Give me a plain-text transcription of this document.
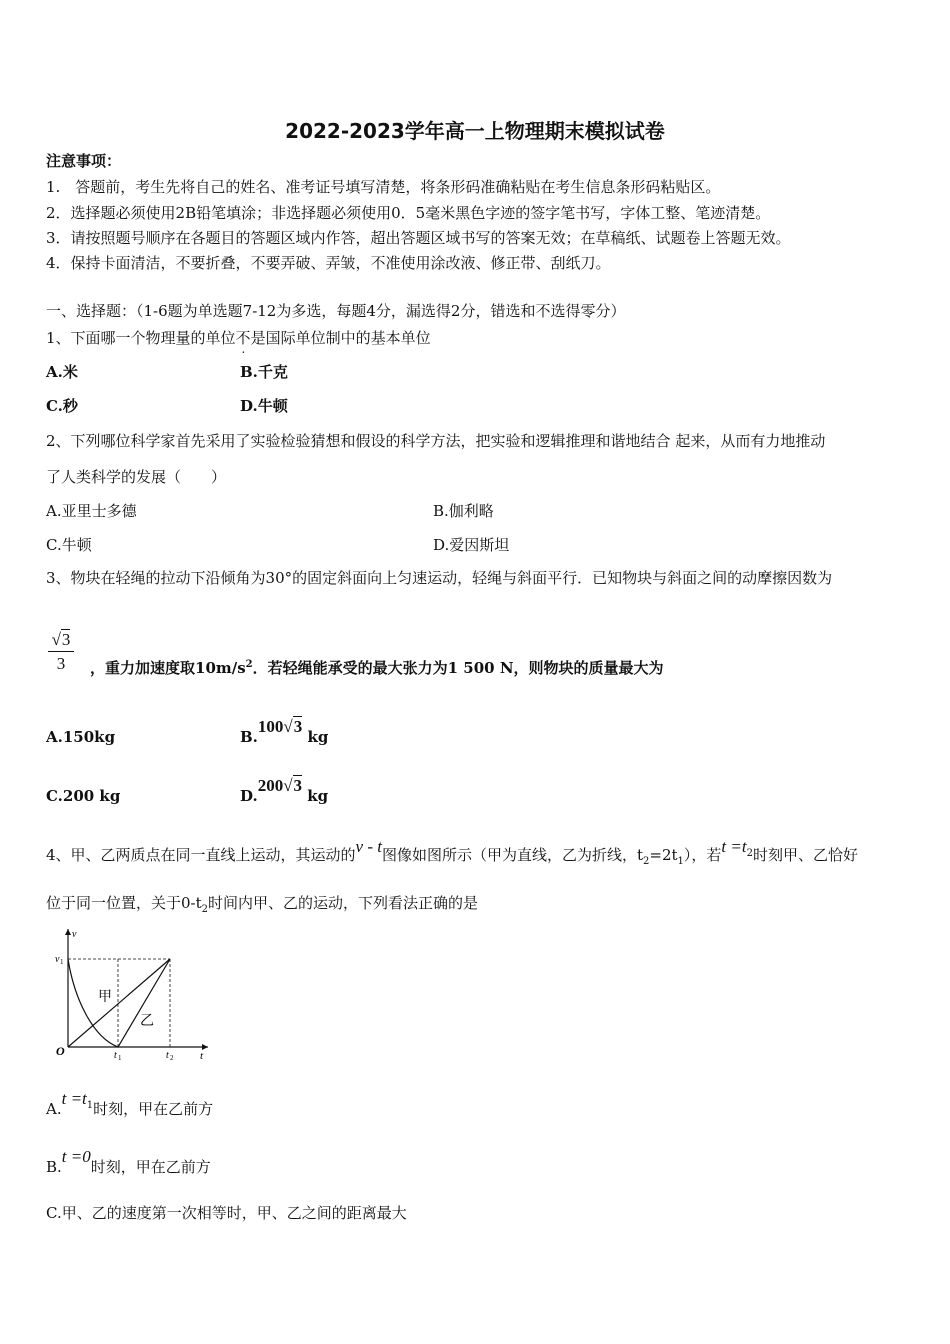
2022-2023学年高一上物理期末模拟试卷
注意事项：
1.　答题前，考生先将自己的姓名、准考证号填写清楚，将条形码准确粘贴在考生信息条形码粘贴区。
2．选择题必须使用2B铅笔填涂；非选择题必须使用0．5毫米黑色字迹的签字笔书写，字体工整、笔迹清楚。
3．请按照题号顺序在各题目的答题区域内作答，超出答题区域书写的答案无效；在草稿纸、试题卷上答题无效。
4．保持卡面清洁，不要折叠，不要弄破、弄皱，不准使用涂改液、修正带、刮纸刀。
一、选择题：（1-6题为单选题7-12为多选，每题4分，漏选得2分，错选和不选得零分）
1、下面哪一个物理量的单位不是国际单位制中的基本单位
A.米	B.千克
C.秒	D.牛顿
2、下列哪位科学家首先采用了实验检验猜想和假设的科学方法，把实验和逻辑推理和谐地结合 起来，从而有力地推动
了人类科学的发展（　　）
A.亚里士多德	B.伽利略
C.牛顿	D.爱因斯坦
3、物块在轻绳的拉动下沿倾角为30°的固定斜面向上匀速运动，轻绳与斜面平行．已知物块与斜面之间的动摩擦因数为
$\frac{√3}{3}$ ，重力加速度取$10m/s^2$．若轻绳能承受的最大张力为1 500 N，则物块的质量最大为
A.150kg	B.100√3 kg
C.200 kg	D.200√3 kg
4、甲、乙两质点在同一直线上运动，其运动的v - t图像如图所示（甲为直线，乙为折线，$t_2=2t_1$），若$t =t_2$时刻甲、乙恰好
位于同一位置，关于$0-t_2$时间内甲、乙的运动，下列看法正确的是
v
t
O
v 1
t 1	t 2
甲
乙
$A.t =t_1$时刻，甲在乙前方
B.t =0时刻，甲在乙前方
C.甲、乙的速度第一次相等时，甲、乙之间的距离最大
